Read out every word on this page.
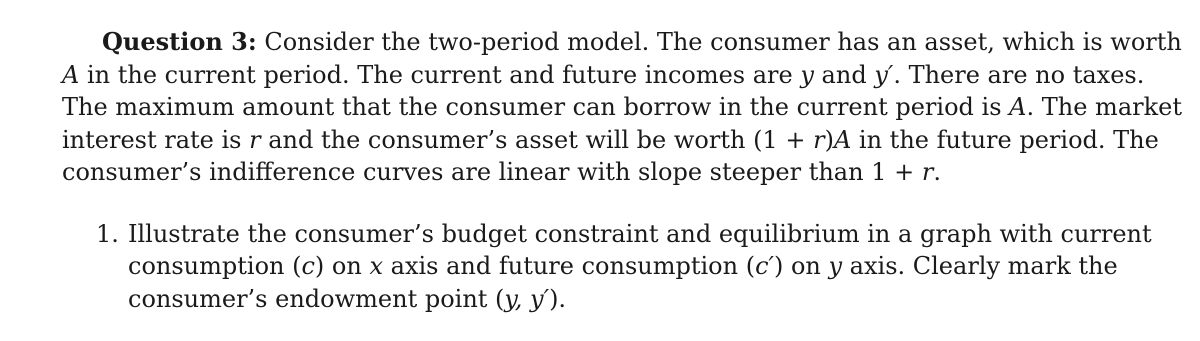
Question 3: Consider the two-period model. The consumer has an asset, which is worth
A in the current period. The current and future incomes are y and y′. There are no taxes.
The maximum amount that the consumer can borrow in the current period is A. The market
interest rate is r and the consumer’s asset will be worth (1 + r)A in the future period. The
consumer’s indifference curves are linear with slope steeper than 1 + r.
1. Illustrate the consumer’s budget constraint and equilibrium in a graph with current
consumption (c) on x axis and future consumption (c′) on y axis. Clearly mark the
consumer’s endowment point (y, y′).
